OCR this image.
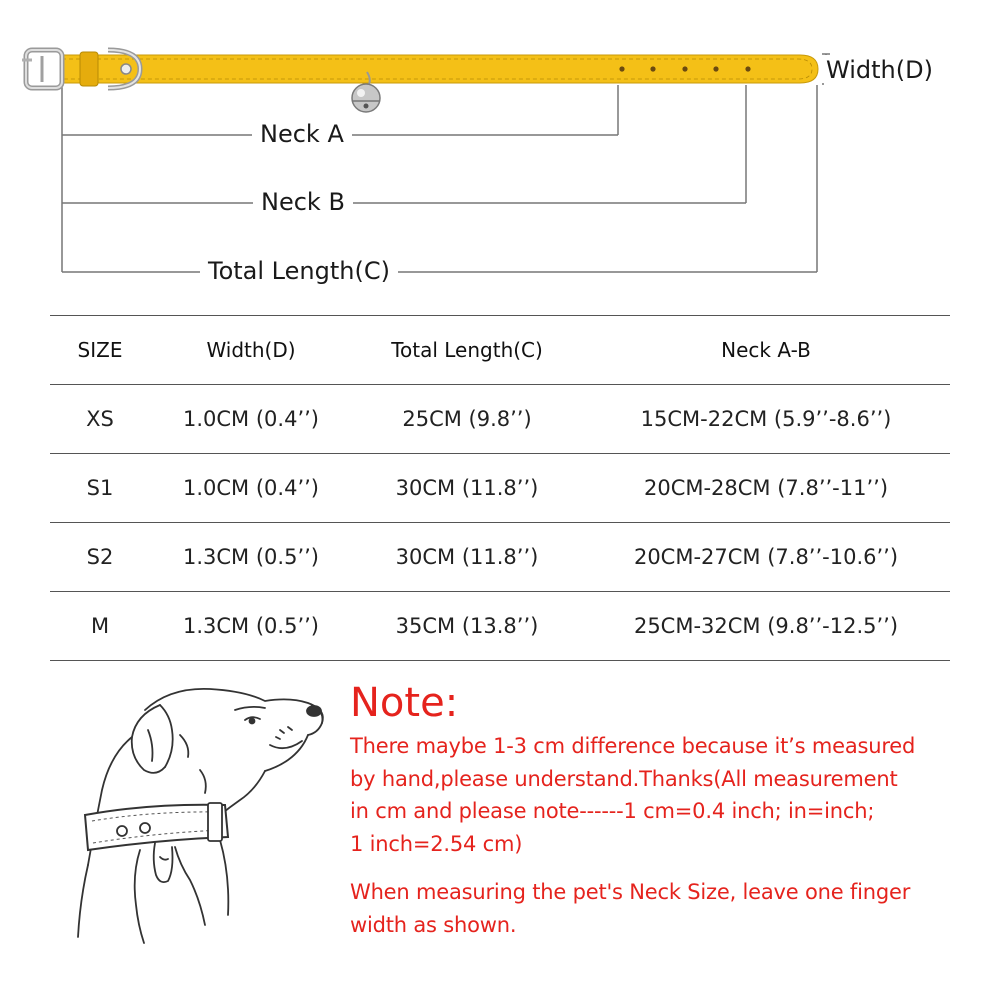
Neck A
Neck B
Total Length(C)
Width(D)
SIZE	Width(D)	Total Length(C)	Neck A-B
XS	1.0CM (0.4’’)	25CM (9.8’’)	15CM-22CM (5.9’’-8.6’’)
S1	1.0CM (0.4’’)	30CM (11.8’’)	20CM-28CM (7.8’’-11’’)
S2	1.3CM (0.5’’)	30CM (11.8’’)	20CM-27CM (7.8’’-10.6’’)
M	1.3CM (0.5’’)	35CM (13.8’’)	25CM-32CM (9.8’’-12.5’’)
Note:
There maybe 1-3 cm difference because it’s measured
by hand,please understand.Thanks(All measurement
in cm and please note------1 cm=0.4 inch; in=inch;
1 inch=2.54 cm)
When measuring the pet's Neck Size, leave one finger
width as shown.
